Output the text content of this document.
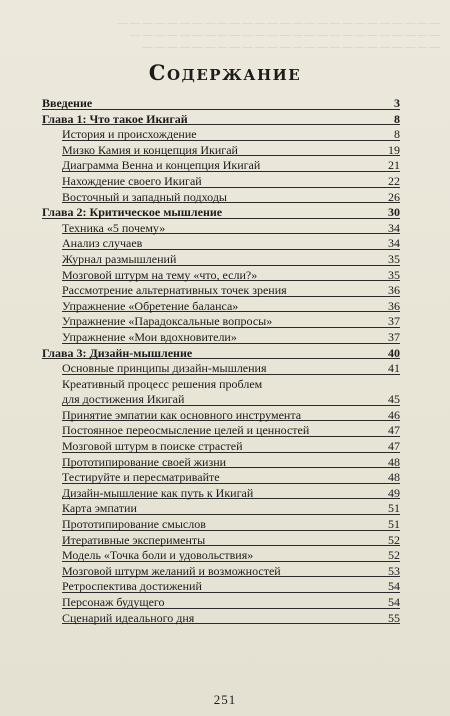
— — — — — — — — — — — — — — — — — — — — — — — — — —
— — — — — — — — — — — — — — — — — — — — — — — — —
— — — — — — — — — — — — — — — — — — — — — — — —
Содержание
Введение	3
Глава 1: Что такое Икигай	8
История и происхождение	8
Мизко Камия и концепция Икигай	19
Диаграмма Венна и концепция Икигай	21
Нахождение своего Икигай	22
Восточный и западный подходы	26
Глава 2: Критическое мышление	30
Техника «5 почему»	34
Анализ случаев	34
Журнал размышлений	35
Мозговой штурм на тему «что, если?»	35
Рассмотрение альтернативных точек зрения	36
Упражнение «Обретение баланса»	36
Упражнение «Парадоксальные вопросы»	37
Упражнение «Мои вдохновители»	37
Глава 3: Дизайн-мышление	40
Основные принципы дизайн-мышления	41
Креативный процесс решения проблем
для достижения Икигай	45
Принятие эмпатии как основного инструмента	46
Постоянное переосмысление целей и ценностей	47
Мозговой штурм в поиске страстей	47
Прототипирование своей жизни	48
Тестируйте и пересматривайте	48
Дизайн-мышление как путь к Икигай	49
Карта эмпатии	51
Прототипирование смыслов	51
Итеративные эксперименты	52
Модель «Точка боли и удовольствия»	52
Мозговой штурм желаний и возможностей	53
Ретроспектива достижений	54
Персонаж будущего	54
Сценарий идеального дня	55
251
